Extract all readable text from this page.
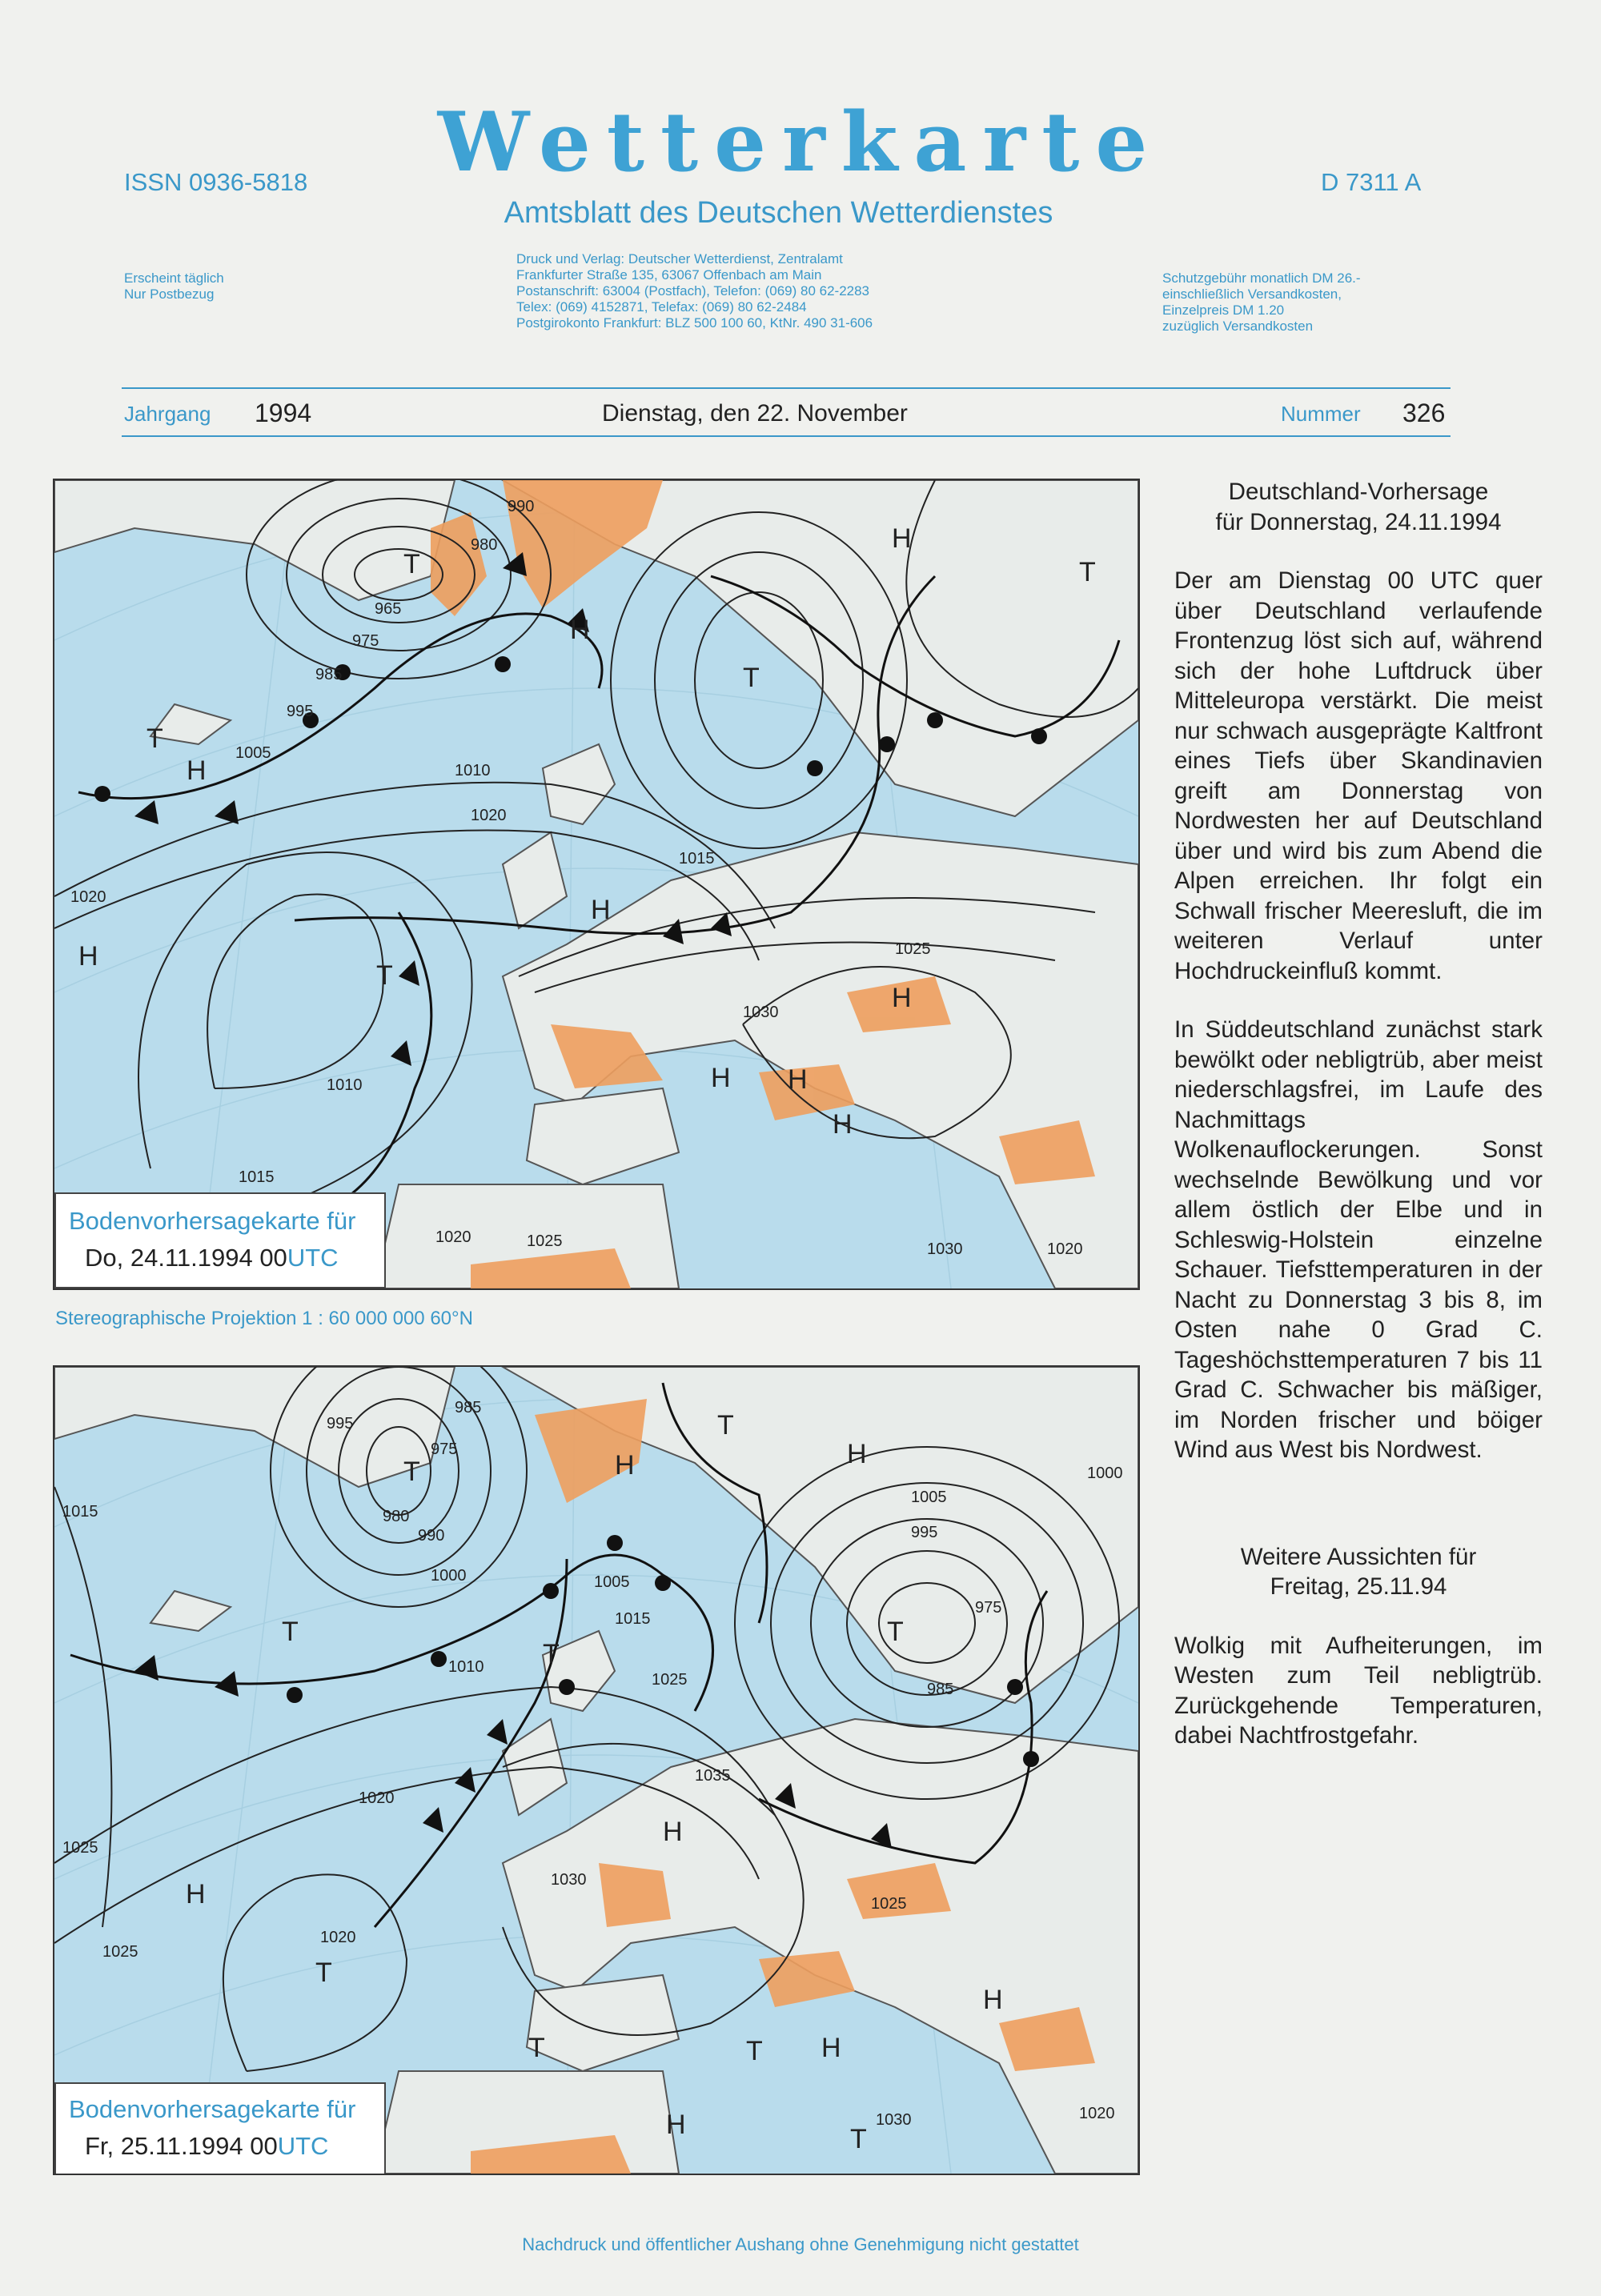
ISSN 0936-5818	Wetterkarte	D 7311 A
Amtsblatt des Deutschen Wetterdienstes
Erscheint täglich
Nur Postbezug
Druck und Verlag: Deutscher Wetterdienst, Zentralamt
Frankfurter Straße 135, 63067 Offenbach am Main
Postanschrift: 63004 (Postfach), Telefon: (069) 80 62-2283
Telex: (069) 4152871, Telefax: (069) 80 62-2484
Postgirokonto Frankfurt: BLZ 500 100 60, KtNr. 490 31-606
Schutzgebühr monatlich DM 26.-
einschließlich Versandkosten,
Einzelpreis DM 1.20
zuzüglich Versandkosten
Jahrgang 1994	Dienstag, den 22. November	Nummer 326
990
980
965
975
985
995
1005
1010
1020
1015
1025
1030
1020
1010
1015
1020	1025	1030	1020
T
H
T
H
H
T
H
H
T
H
H H
H
T
Bodenvorhersagekarte für
Do, 24.11.1994 00UTC
Stereographische Projektion 1 : 60 000 000 60°N
985
995
975
980
990
1000	1005
1015
1025
1010
1020
1025
1015
1035
1030
1005
995
985
975
1000
1025
1020
1025
1030	1020
T	H
T
H
T
T
T
H
H
H
T
T	H
H
T
T
Bodenvorhersagekarte für
Fr, 25.11.1994 00UTC
Deutschland-Vorhersage
für Donnerstag, 24.11.1994

Der am Dienstag 00 UTC quer über Deutschland verlaufende Frontenzug löst sich auf, während sich der hohe Luftdruck über Mitteleuropa verstärkt. Die meist nur schwach ausgeprägte Kaltfront eines Tiefs über Skandinavien greift am Donnerstag von Nordwesten her auf Deutschland über und wird bis zum Abend die Alpen erreichen. Ihr folgt ein Schwall frischer Meeresluft, die im weiteren Verlauf unter Hochdruckeinfluß kommt.

In Süddeutschland zunächst stark bewölkt oder nebligtrüb, aber meist niederschlagsfrei, im Laufe des Nachmittags Wolkenauflockerungen. Sonst wechselnde Bewölkung und vor allem östlich der Elbe und in Schleswig-Holstein einzelne Schauer. Tiefsttemperaturen in der Nacht zu Donnerstag 3 bis 8, im Osten nahe 0 Grad C. Tageshöchsttemperaturen 7 bis 11 Grad C. Schwacher bis mäßiger, im Norden frischer und böiger Wind aus West bis Nordwest.

Weitere Aussichten für
Freitag, 25.11.94

Wolkig mit Aufheiterungen, im Westen zum Teil nebligtrüb. Zurückgehende Temperaturen, dabei Nachtfrostgefahr.

Nachdruck und öffentlicher Aushang ohne Genehmigung nicht gestattet
